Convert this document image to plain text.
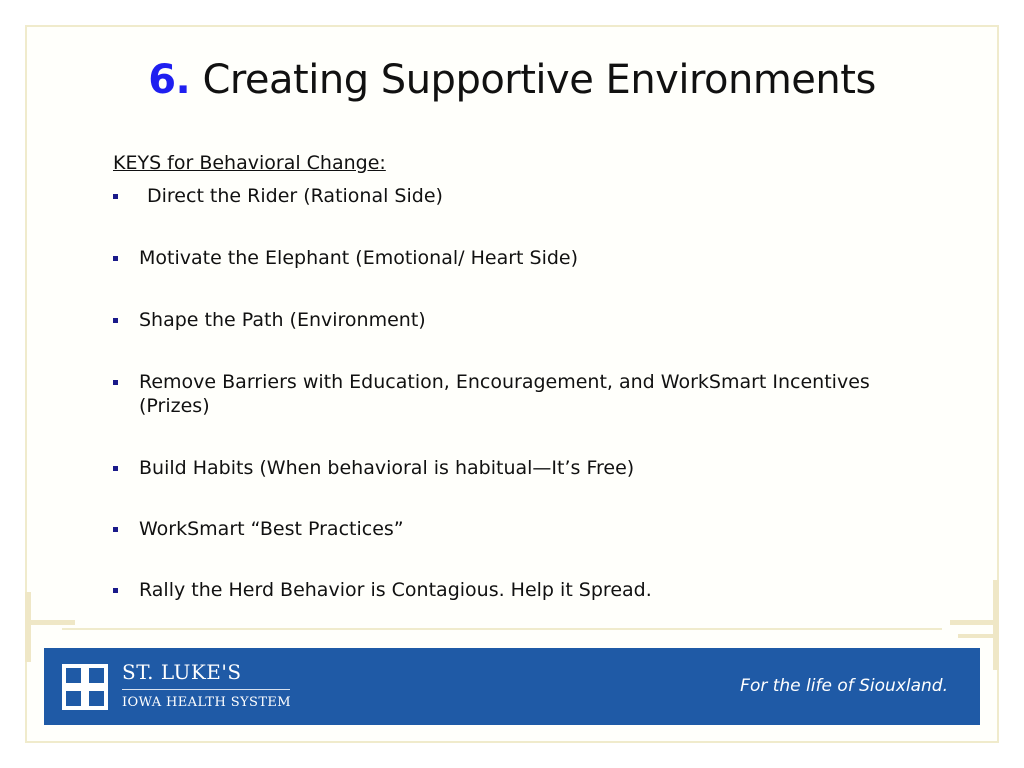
6. Creating Supportive Environments
KEYS for Behavioral Change:
Direct the Rider (Rational Side)
Motivate the Elephant (Emotional/ Heart Side)
Shape the Path (Environment)
Remove Barriers with Education, Encouragement, and WorkSmart Incentives (Prizes)
Build Habits (When behavioral is habitual—It’s Free)
WorkSmart “Best Practices”
Rally the Herd Behavior is Contagious. Help it Spread.
ST. LUKE'S
IOWA HEALTH SYSTEM
For the life of Siouxland.
